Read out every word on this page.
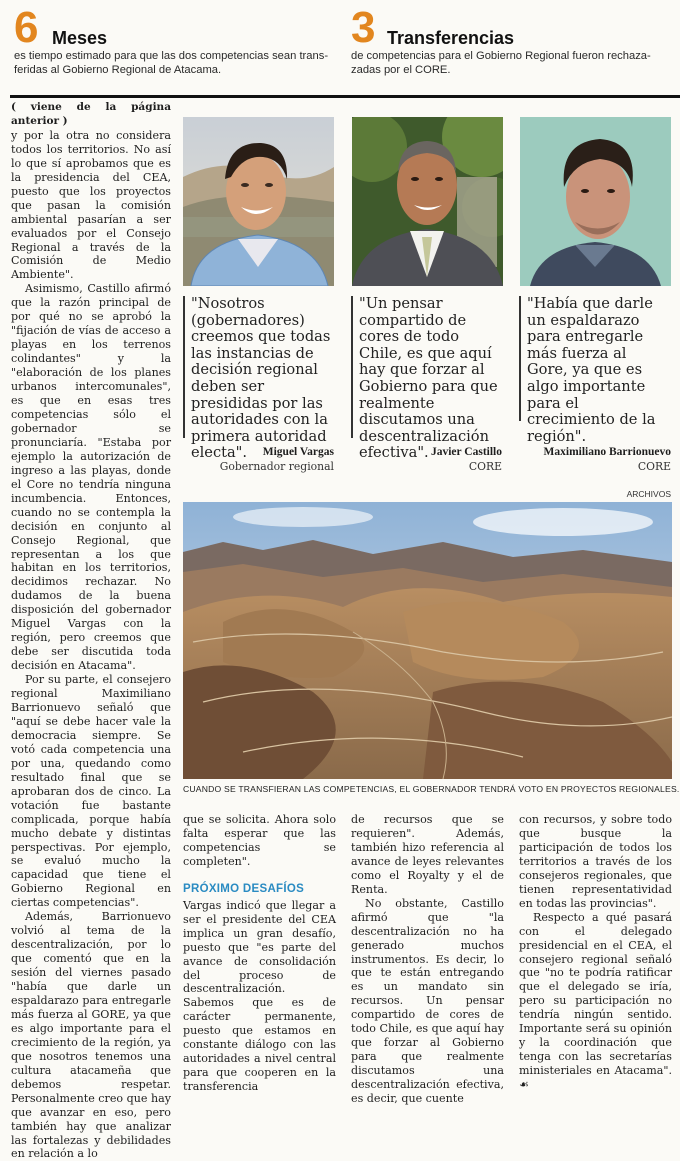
6 Meses
es tiempo estimado para que las dos competencias sean trans-
feridas al Gobierno Regional de Atacama.
3 Transferencias
de competencias para el Gobierno Regional fueron rechaza-
zadas por el CORE.

( viene de la página anterior )

y por la otra no considera todos los territorios. No así lo que sí aprobamos que es la presidencia del CEA, puesto que los proyectos que pasan la comisión ambiental pasarían a ser evaluados por el Consejo Regional a través de la Comisión de Medio Ambiente".

Asimismo, Castillo afirmó que la razón principal de por qué no se aprobó la "fijación de vías de acceso a playas en los terrenos colindantes" y la "elaboración de los planes urbanos intercomunales", es que en esas tres competencias sólo el gobernador se pronunciaría. "Estaba por ejemplo la autorización de ingreso a las playas, donde el Core no tendría ninguna incumbencia. Entonces, cuando no se contempla la decisión en conjunto al Consejo Regional, que representan a los que habitan en los territorios, decidimos rechazar. No dudamos de la buena disposición del gobernador Miguel Vargas con la región, pero creemos que debe ser discutida toda decisión en Atacama".

Por su parte, el consejero regional Maximiliano Barrionuevo señaló que "aquí se debe hacer vale la democracia siempre. Se votó cada competencia una por una, quedando como resultado final que se aprobaran dos de cinco. La votación fue bastante complicada, porque había mucho debate y distintas perspectivas. Por ejemplo, se evaluó mucho la capacidad que tiene el Gobierno Regional en ciertas competencias".

Además, Barrionuevo volvió al tema de la descentralización, por lo que comentó que en la sesión del viernes pasado "había que darle un espaldarazo para entregarle más fuerza al GORE, ya que es algo importante para el crecimiento de la región, ya que nosotros tenemos una cultura atacameña que debemos respetar. Personalmente creo que hay que avanzar en eso, pero también hay que analizar las fortalezas y debilidades en relación a lo

"Nosotros (gobernadores) creemos que todas las instancias de decisión regional deben ser presididas por las autoridades con la primera autoridad electa".
"Un pensar compartido de cores de todo Chile, es que aquí hay que forzar al Gobierno para que realmente discutamos una descentralización efectiva".
"Había que darle un espaldarazo para entregarle más fuerza al Gore, ya que es algo importante para el crecimiento de la región".
Miguel Vargas
Gobernador regional
Javier Castillo
CORE
Maximiliano Barrionuevo
CORE
ARCHIVOS
CUANDO SE TRANSFIERAN LAS COMPETENCIAS, EL GOBERNADOR TENDRÁ VOTO EN PROYECTOS REGIONALES.

que se solicita. Ahora solo falta esperar que las competencias se completen".

PRÓXIMO DESAFÍOS

Vargas indicó que llegar a ser el presidente del CEA implica un gran desafío, puesto que "es parte del avance de consolidación del proceso de descentralización. Sabemos que es de carácter permanente, puesto que estamos en constante diálogo con las autoridades a nivel central para que cooperen en la transferencia

de recursos que se requieren". Además, también hizo referencia al avance de leyes relevantes como el Royalty y el de Renta.

No obstante, Castillo afirmó que "la descentralización no ha generado muchos instrumentos. Es decir, lo que te están entregando es un mandato sin recursos. Un pensar compartido de cores de todo Chile, es que aquí hay que forzar al Gobierno para que realmente discutamos una descentralización efectiva, es decir, que cuente

con recursos, y sobre todo que busque la participación de todos los territorios a través de los consejeros regionales, que tienen representatividad en todas las provincias".

Respecto a qué pasará con el delegado presidencial en el CEA, el consejero regional señaló que "no te podría ratificar que el delegado se iría, pero su participación no tendría ningún sentido. Importante será su opinión y la coordinación que tenga con las secretarías ministeriales en Atacama". ☙
